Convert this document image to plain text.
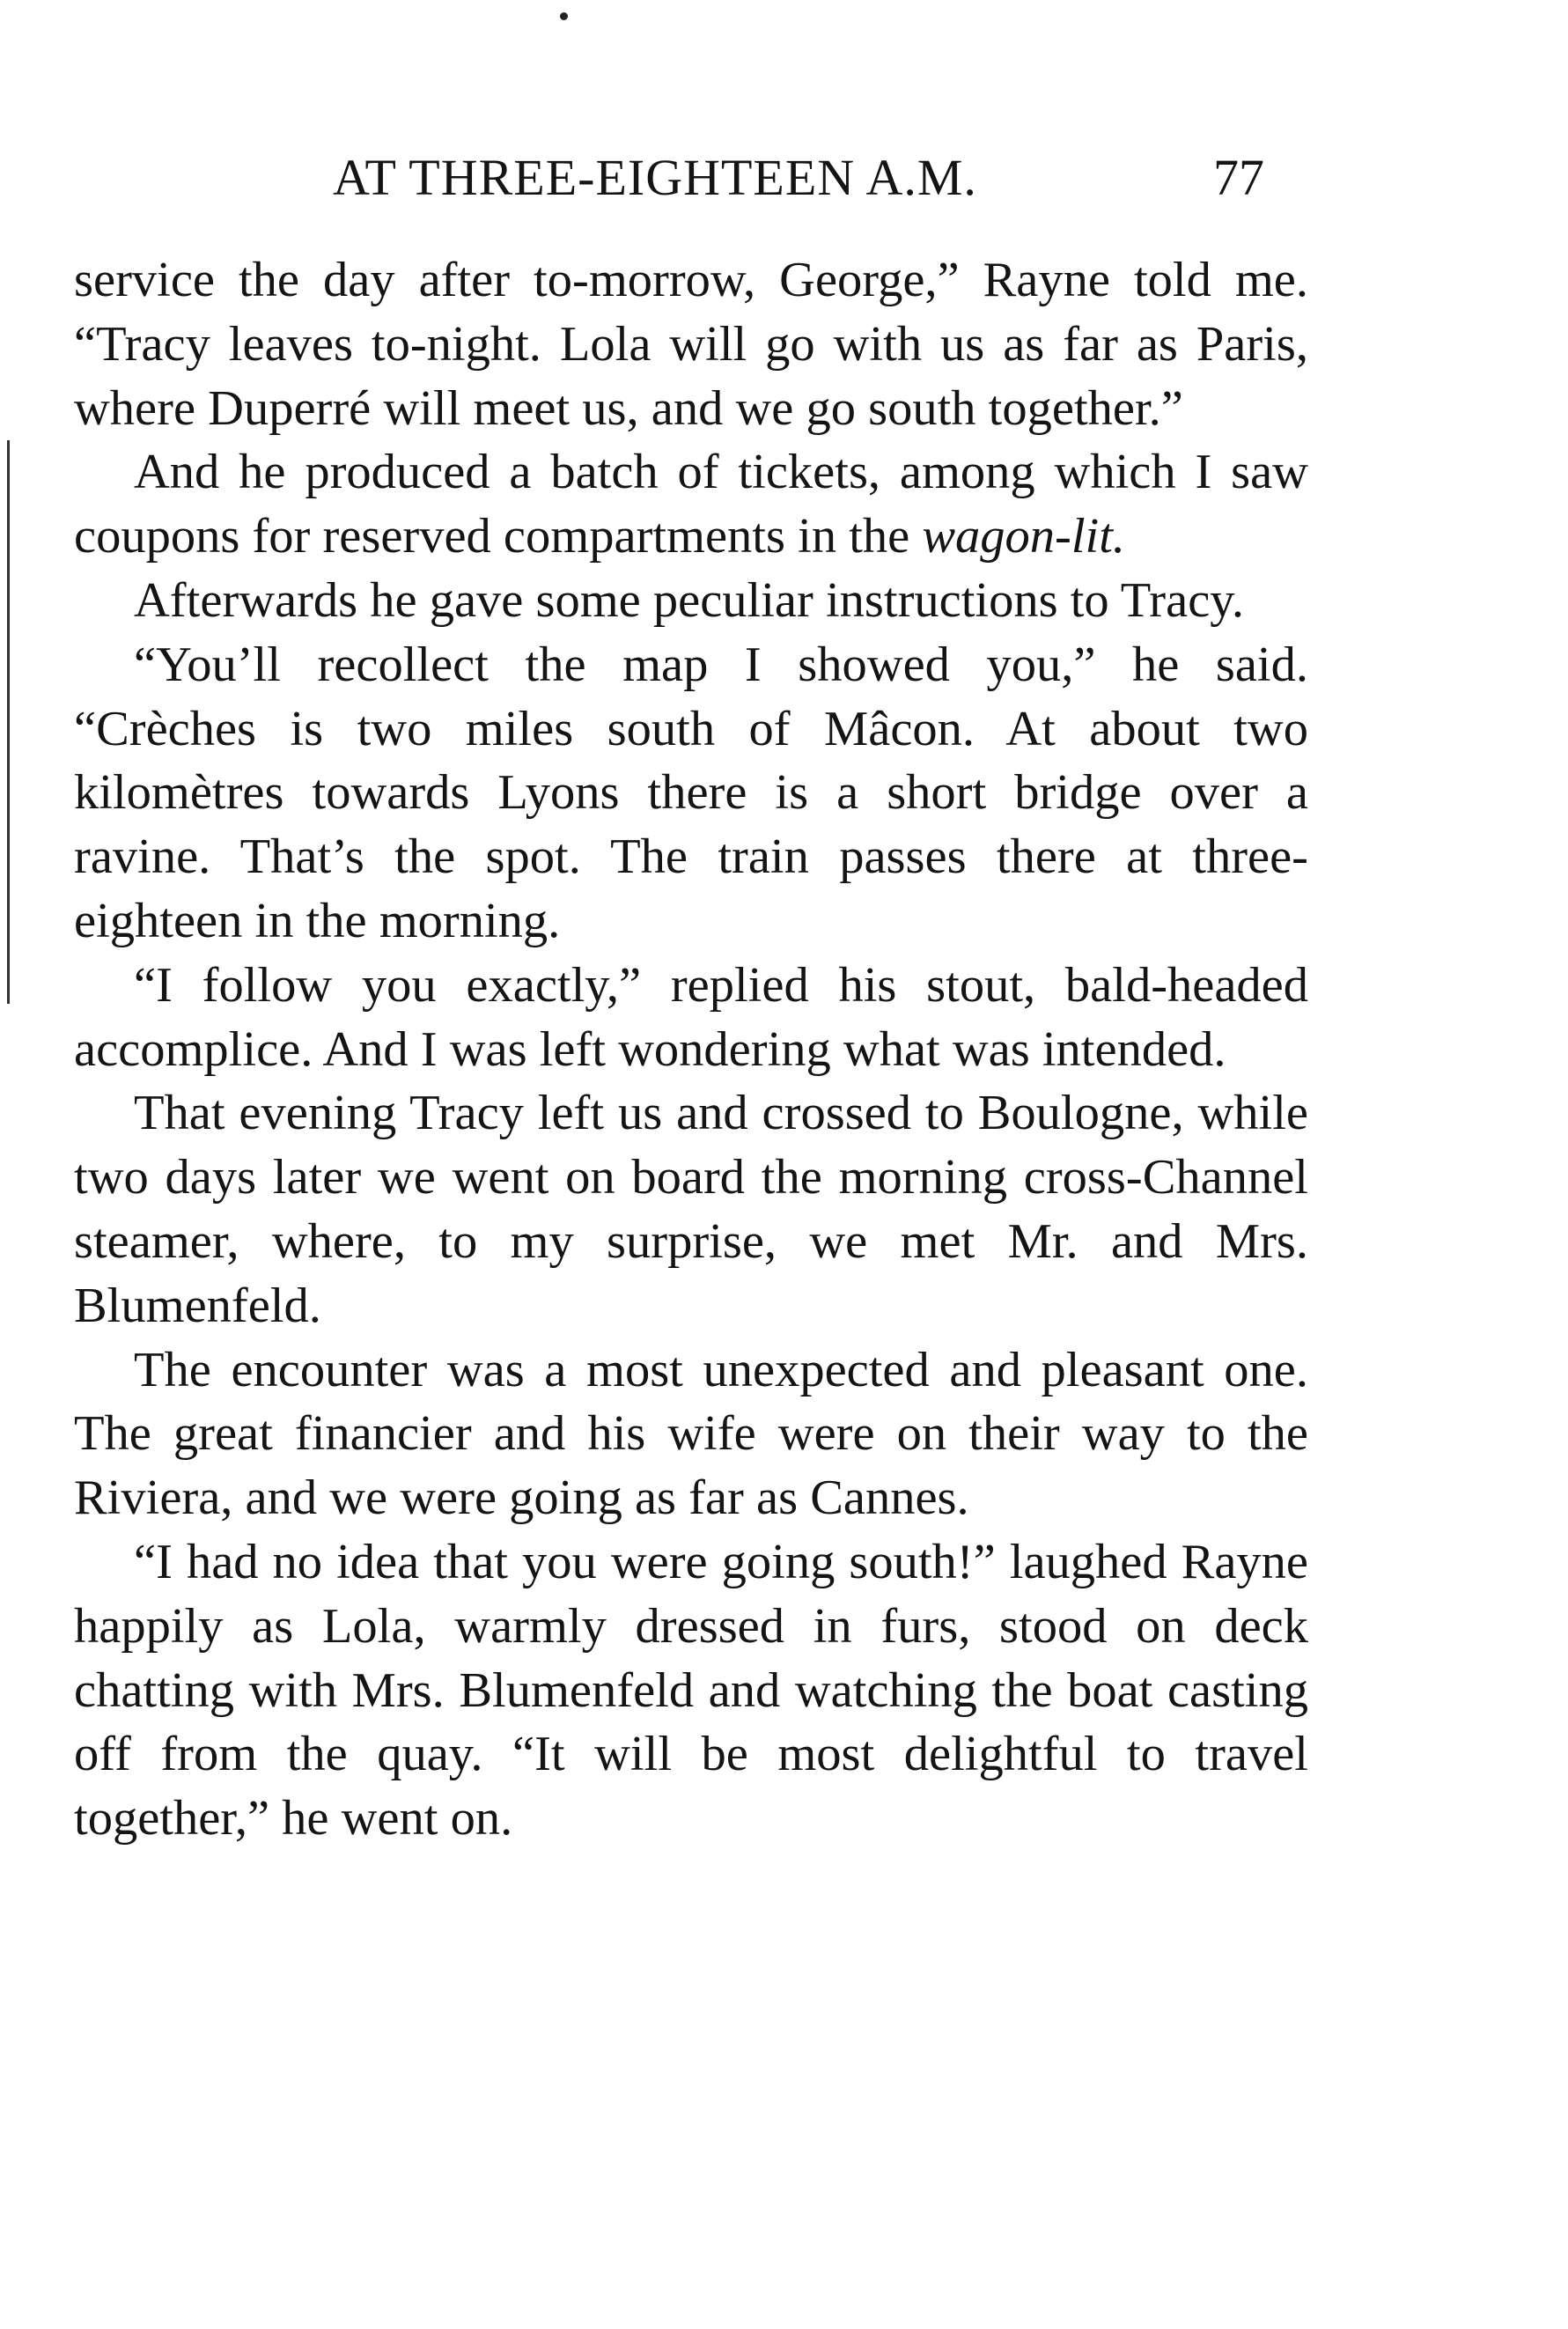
AT THREE-EIGHTEEN A.M.	77

service the day after to-morrow, George,” Rayne told me. “Tracy leaves to-night. Lola will go with us as far as Paris, where Duperré will meet us, and we go south together.”

And he produced a batch of tickets, among which I saw coupons for reserved compartments in the wagon-lit.

Afterwards he gave some peculiar instructions to Tracy.

“You’ll recollect the map I showed you,” he said. “Crèches is two miles south of Mâcon. At about two kilomètres towards Lyons there is a short bridge over a ravine. That’s the spot. The train passes there at three-eighteen in the morning.

“I follow you exactly,” replied his stout, bald-headed accomplice. And I was left wondering what was intended.

That evening Tracy left us and crossed to Boulogne, while two days later we went on board the morning cross-Channel steamer, where, to my surprise, we met Mr. and Mrs. Blumenfeld.

The encounter was a most unexpected and pleasant one. The great financier and his wife were on their way to the Riviera, and we were going as far as Cannes.

“I had no idea that you were going south!” laughed Rayne happily as Lola, warmly dressed in furs, stood on deck chatting with Mrs. Blumenfeld and watching the boat casting off from the quay. “It will be most delightful to travel together,” he went on.
